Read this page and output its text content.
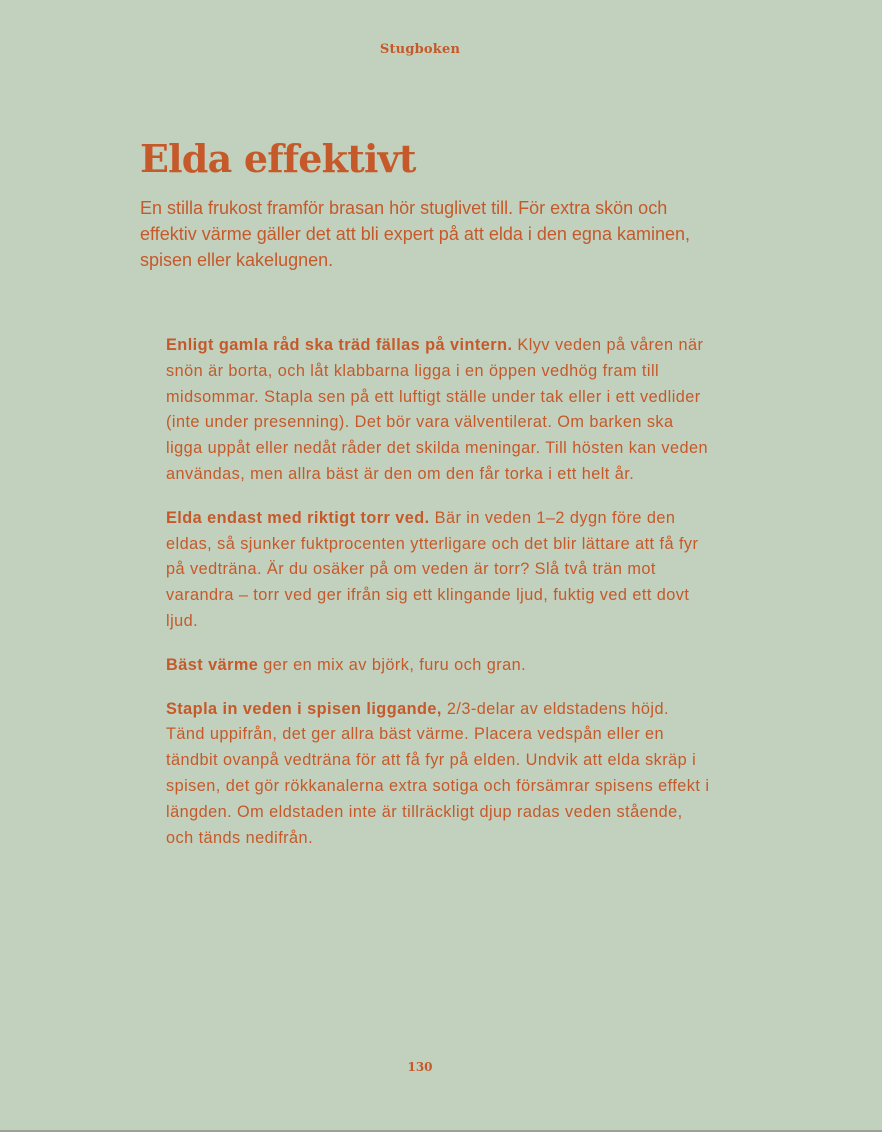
Stugboken
Elda effektivt

En stilla frukost framför brasan hör stuglivet till. För extra skön och effektiv värme gäller det att bli expert på att elda i den egna kaminen, spisen eller kakelugnen.

Enligt gamla råd ska träd fällas på vintern. Klyv veden på våren när snön är borta, och låt klabbarna ligga i en öppen vedhög fram till midsommar. Stapla sen på ett luftigt ställe under tak eller i ett vedlider (inte under presenning). Det bör vara välventilerat. Om barken ska ligga uppåt eller nedåt råder det skilda meningar. Till hösten kan veden användas, men allra bäst är den om den får torka i ett helt år.

Elda endast med riktigt torr ved. Bär in veden 1–2 dygn före den eldas, så sjunker fuktprocenten ytterligare och det blir lättare att få fyr på vedträna. Är du osäker på om veden är torr? Slå två trän mot varandra – torr ved ger ifrån sig ett klingande ljud, fuktig ved ett dovt ljud.

Bäst värme ger en mix av björk, furu och gran.

Stapla in veden i spisen liggande, 2/3-delar av eldstadens höjd. Tänd uppifrån, det ger allra bäst värme. Placera vedspån eller en tändbit ovanpå vedträna för att få fyr på elden. Undvik att elda skräp i spisen, det gör rökkanalerna extra sotiga och försämrar spisens effekt i längden. Om eldstaden inte är tillräckligt djup radas veden stående, och tänds nedifrån.

130
